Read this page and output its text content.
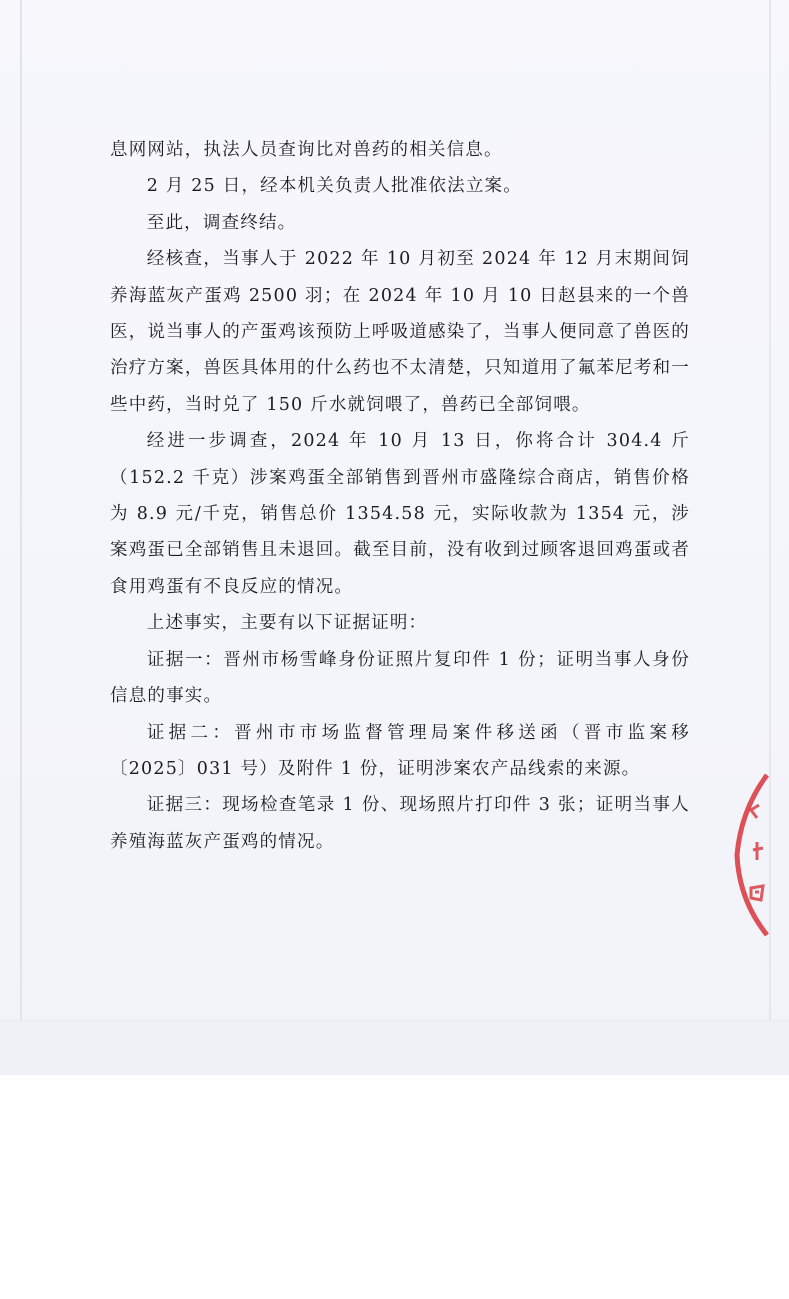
息网网站，执法人员查询比对兽药的相关信息。

2 月 25 日，经本机关负责人批准依法立案。

至此，调查终结。

经核查，当事人于 2022 年 10 月初至 2024 年 12 月末期间饲养海蓝灰产蛋鸡 2500 羽；在 2024 年 10 月 10 日赵县来的一个兽医，说当事人的产蛋鸡该预防上呼吸道感染了，当事人便同意了兽医的治疗方案，兽医具体用的什么药也不太清楚，只知道用了氟苯尼考和一些中药，当时兑了 150 斤水就饲喂了，兽药已全部饲喂。

经进一步调查，2024 年 10 月 13 日，你将合计 304.4 斤（152.2 千克）涉案鸡蛋全部销售到晋州市盛隆综合商店，销售价格为 8.9 元/千克，销售总价 1354.58 元，实际收款为 1354 元，涉案鸡蛋已全部销售且未退回。截至目前，没有收到过顾客退回鸡蛋或者食用鸡蛋有不良反应的情况。

上述事实，主要有以下证据证明：

证据一：晋州市杨雪峰身份证照片复印件 1 份；证明当事人身份信息的事实。

证据二：晋州市市场监督管理局案件移送函（晋市监案移〔2025〕031 号）及附件 1 份，证明涉案农产品线索的来源。

证据三：现场检查笔录 1 份、现场照片打印件 3 张；证明当事人养殖海蓝灰产蛋鸡的情况。
